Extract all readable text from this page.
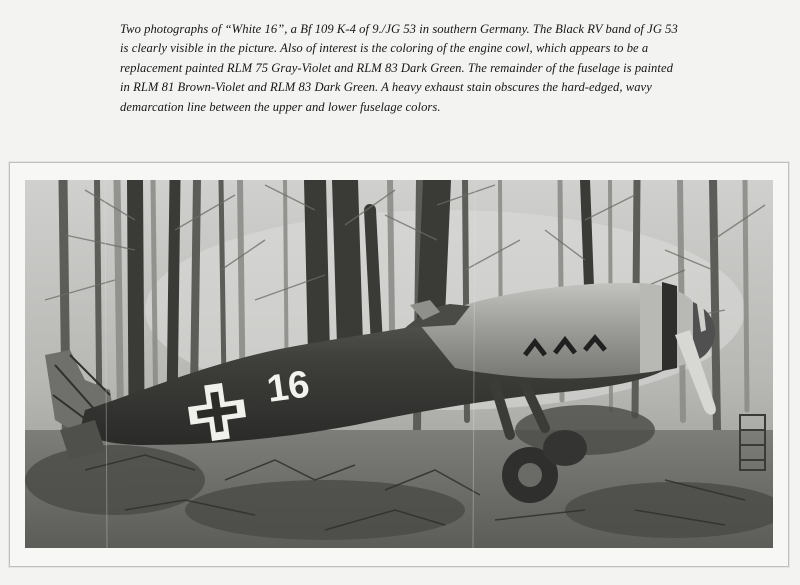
Two photographs of “White 16”, a Bf 109 K-4 of 9./JG 53 in southern Germany. The Black RV band of JG 53 is clearly visible in the picture. Also of interest is the coloring of the engine cowl, which appears to be a replacement painted RLM 75 Gray-Violet and RLM 83 Dark Green. The remainder of the fuselage is painted in RLM 81 Brown-Violet and RLM 83 Dark Green. A heavy exhaust stain obscures the hard-edged, wavy demarcation line between the upper and lower fuselage colors.
16
